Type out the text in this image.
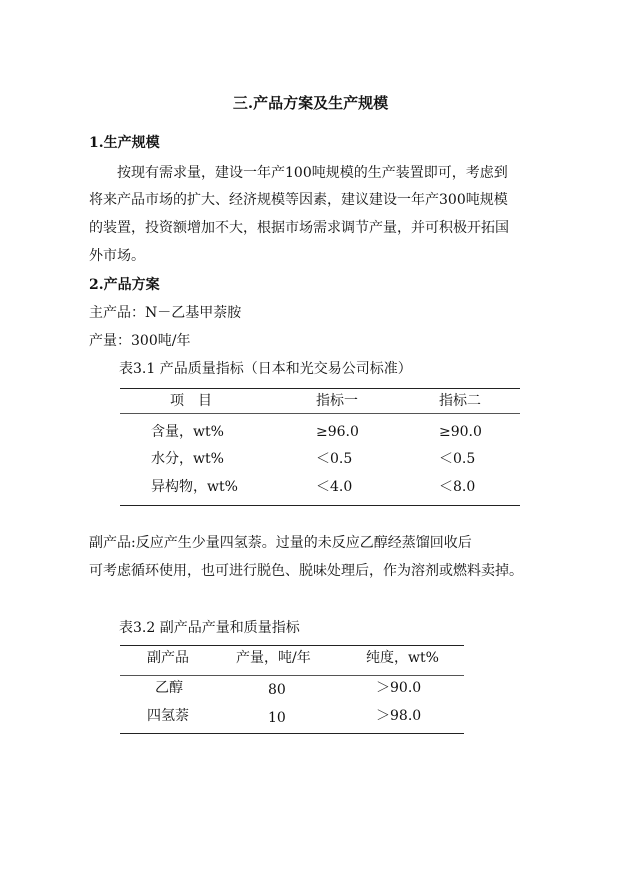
三.产品方案及生产规模
1.生产规模
按现有需求量，建设一年产100吨规模的生产装置即可，考虑到
将来产品市场的扩大、经济规模等因素，建议建设一年产300吨规模
的装置，投资额增加不大，根据市场需求调节产量，并可积极开拓国
外市场。
2.产品方案
主产品：N－乙基甲萘胺
产量：300吨/年
表3.1 产品质量指标（日本和光交易公司标准）
项　目	指标一	指标二
含量，wt%	≥96.0	≥90.0
水分，wt%	＜0.5	＜0.5
异构物，wt%	＜4.0	＜8.0
副产品:反应产生少量四氢萘。过量的未反应乙醇经蒸馏回收后
可考虑循环使用，也可进行脱色、脱味处理后，作为溶剂或燃料卖掉。
表3.2 副产品产量和质量指标
副产品	产量，吨/年	纯度，wt%
乙醇	80	＞90.0
四氢萘	10	＞98.0
